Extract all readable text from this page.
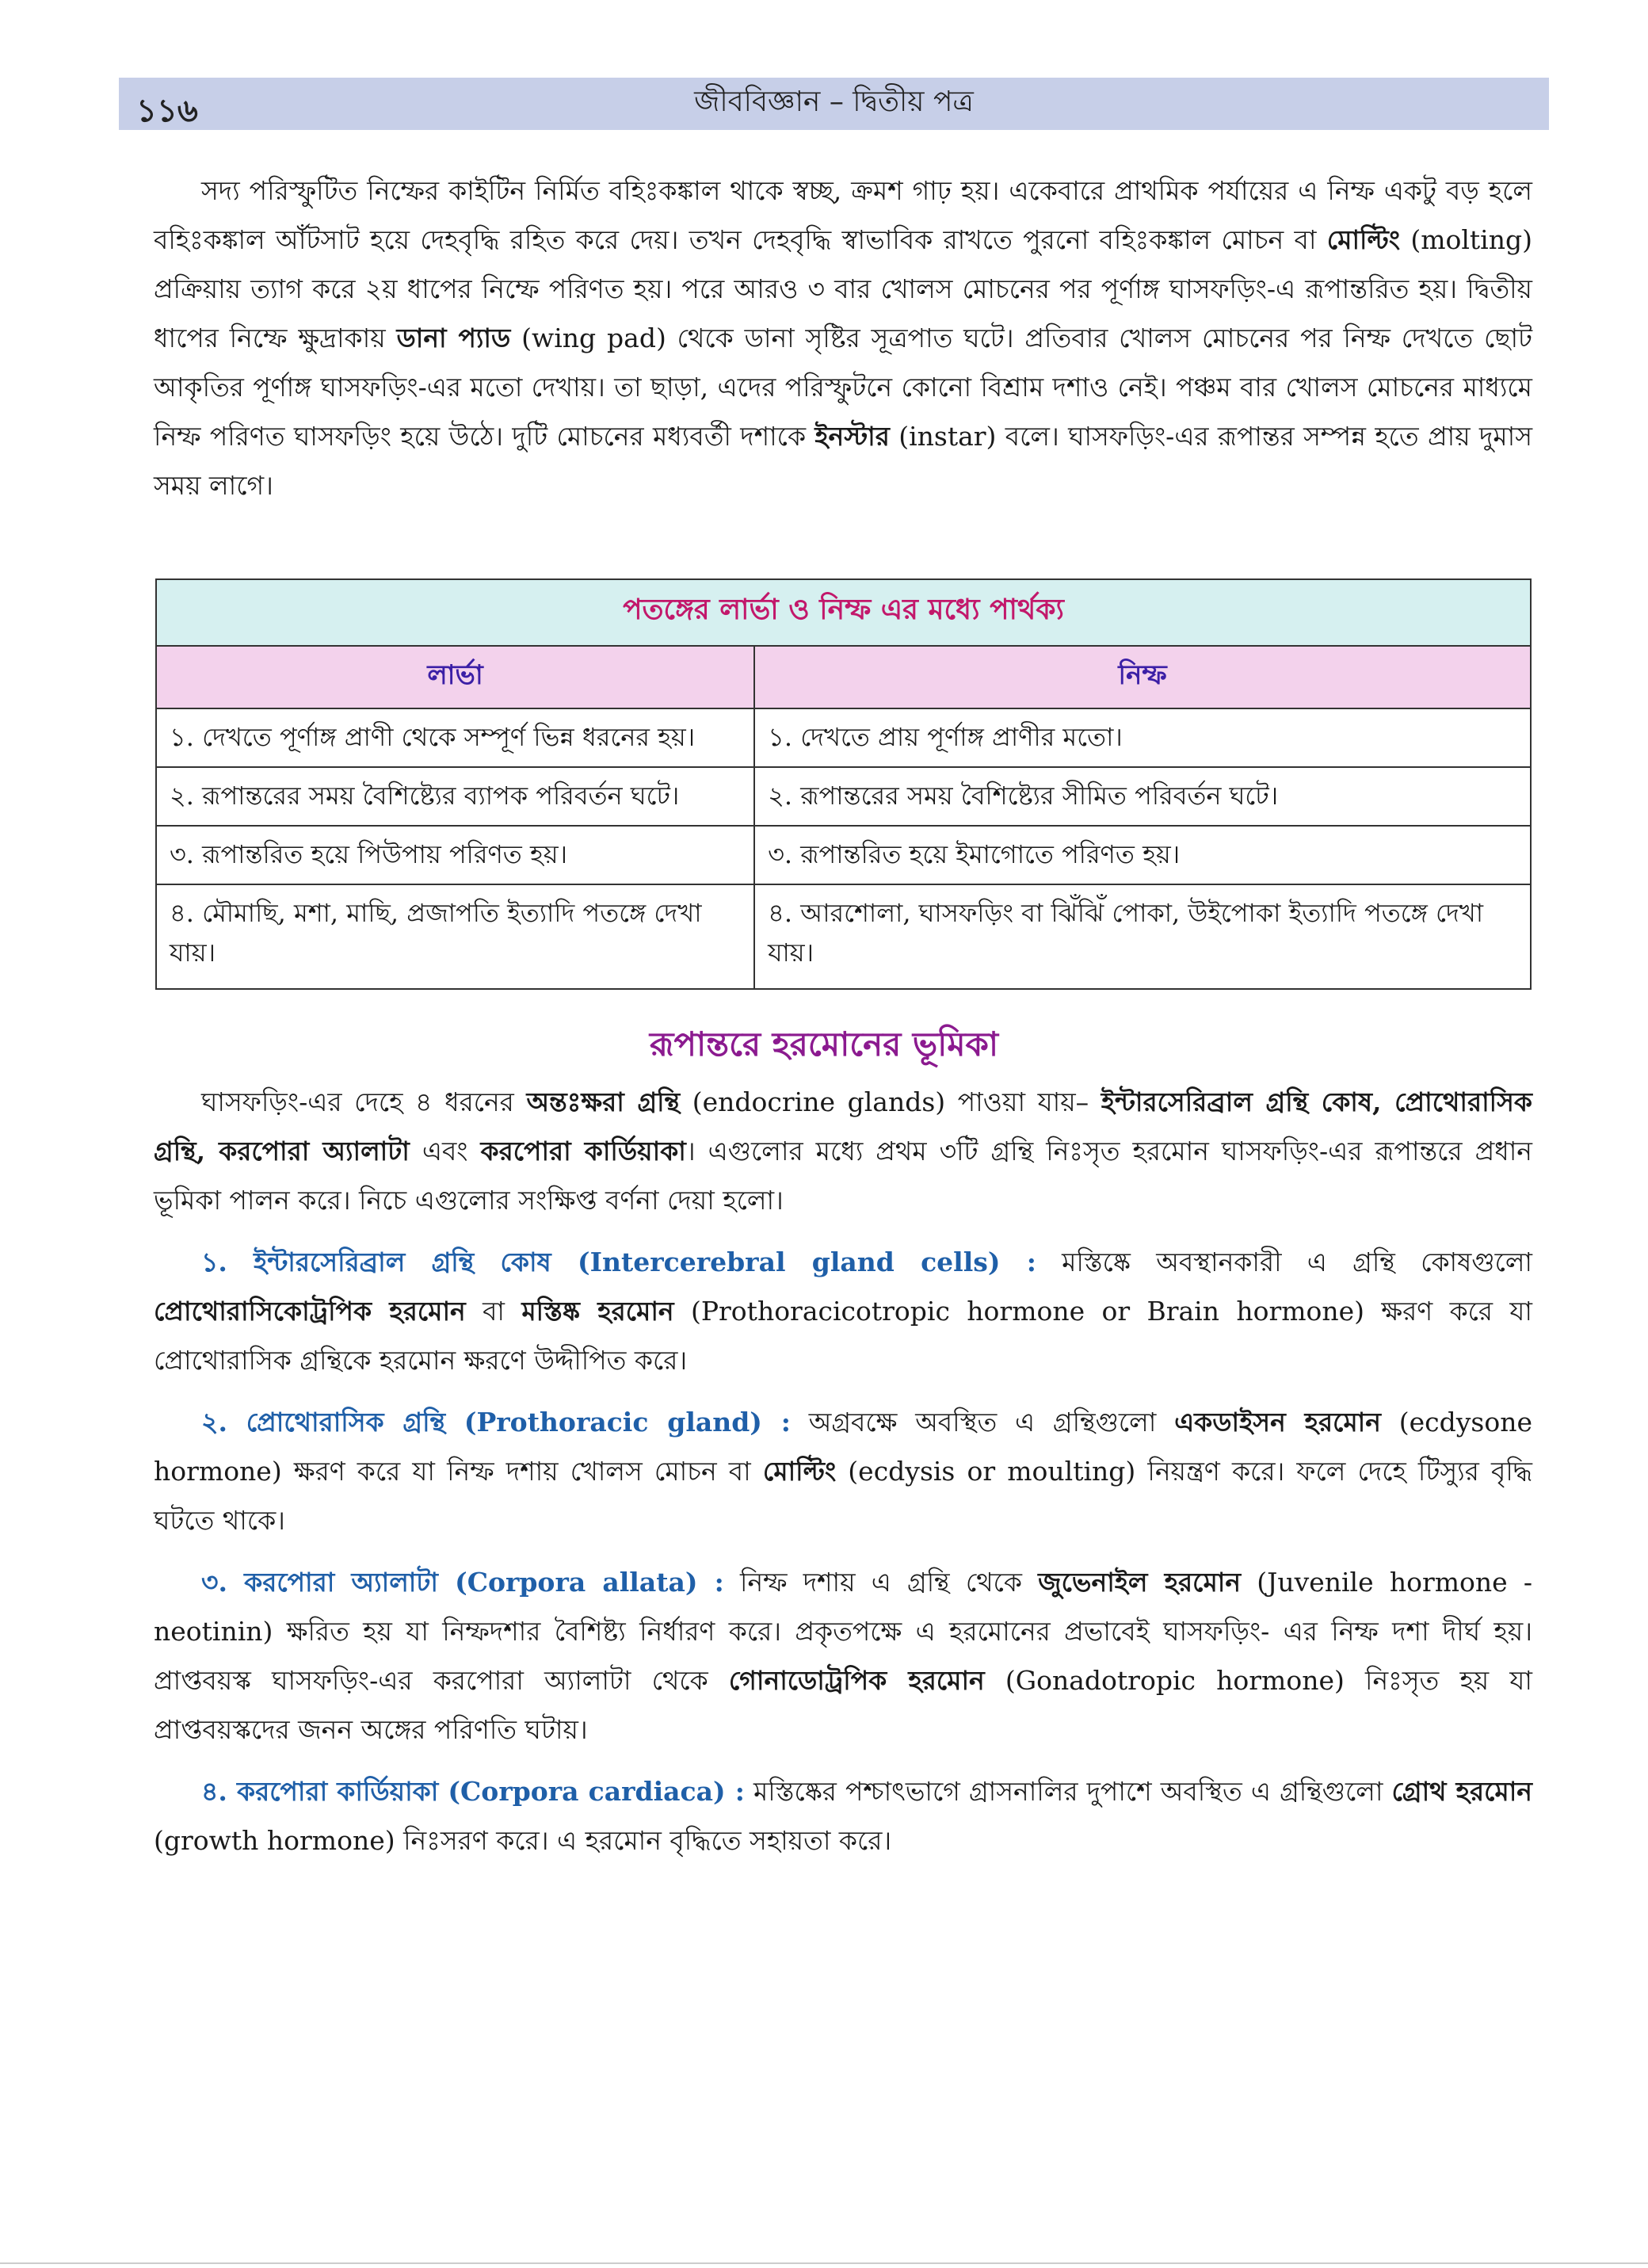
১১৬	জীববিজ্ঞান – দ্বিতীয় পত্র

সদ্য পরিস্ফুটিত নিম্ফের কাইটিন নির্মিত বহিঃকঙ্কাল থাকে স্বচ্ছ, ক্রমশ গাঢ় হয়। একেবারে প্রাথমিক পর্যায়ের এ নিম্ফ একটু বড় হলে বহিঃকঙ্কাল আঁটসাট হয়ে দেহবৃদ্ধি রহিত করে দেয়। তখন দেহবৃদ্ধি স্বাভাবিক রাখতে পুরনো বহিঃকঙ্কাল মোচন বা মোল্টিং (molting) প্রক্রিয়ায় ত্যাগ করে ২য় ধাপের নিম্ফে পরিণত হয়। পরে আরও ৩ বার খোলস মোচনের পর পূর্ণাঙ্গ ঘাসফড়িং-এ রূপান্তরিত হয়। দ্বিতীয় ধাপের নিম্ফে ক্ষুদ্রাকায় ডানা প্যাড (wing pad) থেকে ডানা সৃষ্টির সূত্রপাত ঘটে। প্রতিবার খোলস মোচনের পর নিম্ফ দেখতে ছোট আকৃতির পূর্ণাঙ্গ ঘাসফড়িং-এর মতো দেখায়। তা ছাড়া, এদের পরিস্ফুটনে কোনো বিশ্রাম দশাও নেই। পঞ্চম বার খোলস মোচনের মাধ্যমে নিম্ফ পরিণত ঘাসফড়িং হয়ে উঠে। দুটি মোচনের মধ্যবর্তী দশাকে ইনস্টার (instar) বলে। ঘাসফড়িং-এর রূপান্তর সম্পন্ন হতে প্রায় দুমাস সময় লাগে।

পতঙ্গের লার্ভা ও নিম্ফ এর মধ্যে পার্থক্য	
লার্ভা	নিম্ফ
১. দেখতে পূর্ণাঙ্গ প্রাণী থেকে সম্পূর্ণ ভিন্ন ধরনের হয়।	১. দেখতে প্রায় পূর্ণাঙ্গ প্রাণীর মতো।
২. রূপান্তরের সময় বৈশিষ্ট্যের ব্যাপক পরিবর্তন ঘটে।	২. রূপান্তরের সময় বৈশিষ্ট্যের সীমিত পরিবর্তন ঘটে।
৩. রূপান্তরিত হয়ে পিউপায় পরিণত হয়।	৩. রূপান্তরিত হয়ে ইমাগোতে পরিণত হয়।
৪. মৌমাছি, মশা, মাছি, প্রজাপতি ইত্যাদি পতঙ্গে দেখা যায়।	৪. আরশোলা, ঘাসফড়িং বা ঝিঁঝিঁ পোকা, উইপোকা ইত্যাদি পতঙ্গে দেখা যায়।
রূপান্তরে হরমোনের ভূমিকা

ঘাসফড়িং-এর দেহে ৪ ধরনের অন্তঃক্ষরা গ্রন্থি (endocrine glands) পাওয়া যায়– ইন্টারসেরিব্রাল গ্রন্থি কোষ, প্রোথোরাসিক গ্রন্থি, করপোরা অ্যালাটা এবং করপোরা কার্ডিয়াকা। এগুলোর মধ্যে প্রথম ৩টি গ্রন্থি নিঃসৃত হরমোন ঘাসফড়িং-এর রূপান্তরে প্রধান ভূমিকা পালন করে। নিচে এগুলোর সংক্ষিপ্ত বর্ণনা দেয়া হলো।

১. ইন্টারসেরিব্রাল গ্রন্থি কোষ (Intercerebral gland cells) : মস্তিষ্কে অবস্থানকারী এ গ্রন্থি কোষগুলো প্রোথোরাসিকোট্রপিক হরমোন বা মস্তিষ্ক হরমোন (Prothoracicotropic hormone or Brain hormone) ক্ষরণ করে যা প্রোথোরাসিক গ্রন্থিকে হরমোন ক্ষরণে উদ্দীপিত করে।

২. প্রোথোরাসিক গ্রন্থি (Prothoracic gland) : অগ্রবক্ষে অবস্থিত এ গ্রন্থিগুলো একডাইসন হরমোন (ecdysone hormone) ক্ষরণ করে যা নিম্ফ দশায় খোলস মোচন বা মোল্টিং (ecdysis or moulting) নিয়ন্ত্রণ করে। ফলে দেহে টিস্যুর বৃদ্ধি ঘটতে থাকে।

৩. করপোরা অ্যালাটা (Corpora allata) : নিম্ফ দশায় এ গ্রন্থি থেকে জুভেনাইল হরমোন (Juvenile hormone -neotinin) ক্ষরিত হয় যা নিম্ফদশার বৈশিষ্ট্য নির্ধারণ করে। প্রকৃতপক্ষে এ হরমোনের প্রভাবেই ঘাসফড়িং- এর নিম্ফ দশা দীর্ঘ হয়। প্রাপ্তবয়স্ক ঘাসফড়িং-এর করপোরা অ্যালাটা থেকে গোনাডোট্রপিক হরমোন (Gonadotropic hormone) নিঃসৃত হয় যা প্রাপ্তবয়স্কদের জনন অঙ্গের পরিণতি ঘটায়।

৪. করপোরা কার্ডিয়াকা (Corpora cardiaca) : মস্তিষ্কের পশ্চাৎভাগে গ্রাসনালির দুপাশে অবস্থিত এ গ্রন্থিগুলো গ্রোথ হরমোন (growth hormone) নিঃসরণ করে। এ হরমোন বৃদ্ধিতে সহায়তা করে।
